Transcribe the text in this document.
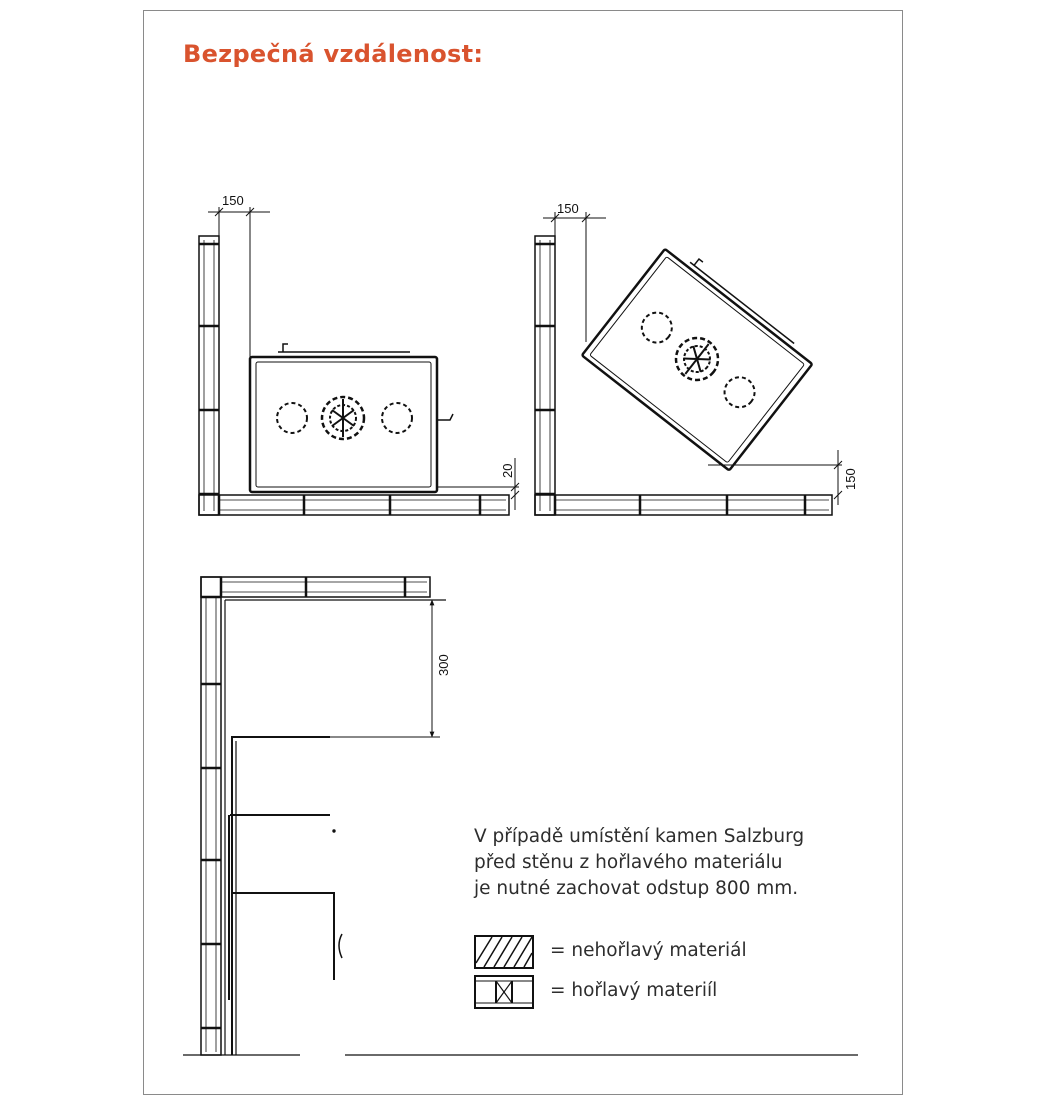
Bezpečná vzdálenost:
150
20
150
150
300
V případě umístění kamen Salzburg
před stěnu z hořlavého materiálu
je nutné zachovat odstup 800 mm.
= nehořlavý materiál
= hořlavý materiíl
